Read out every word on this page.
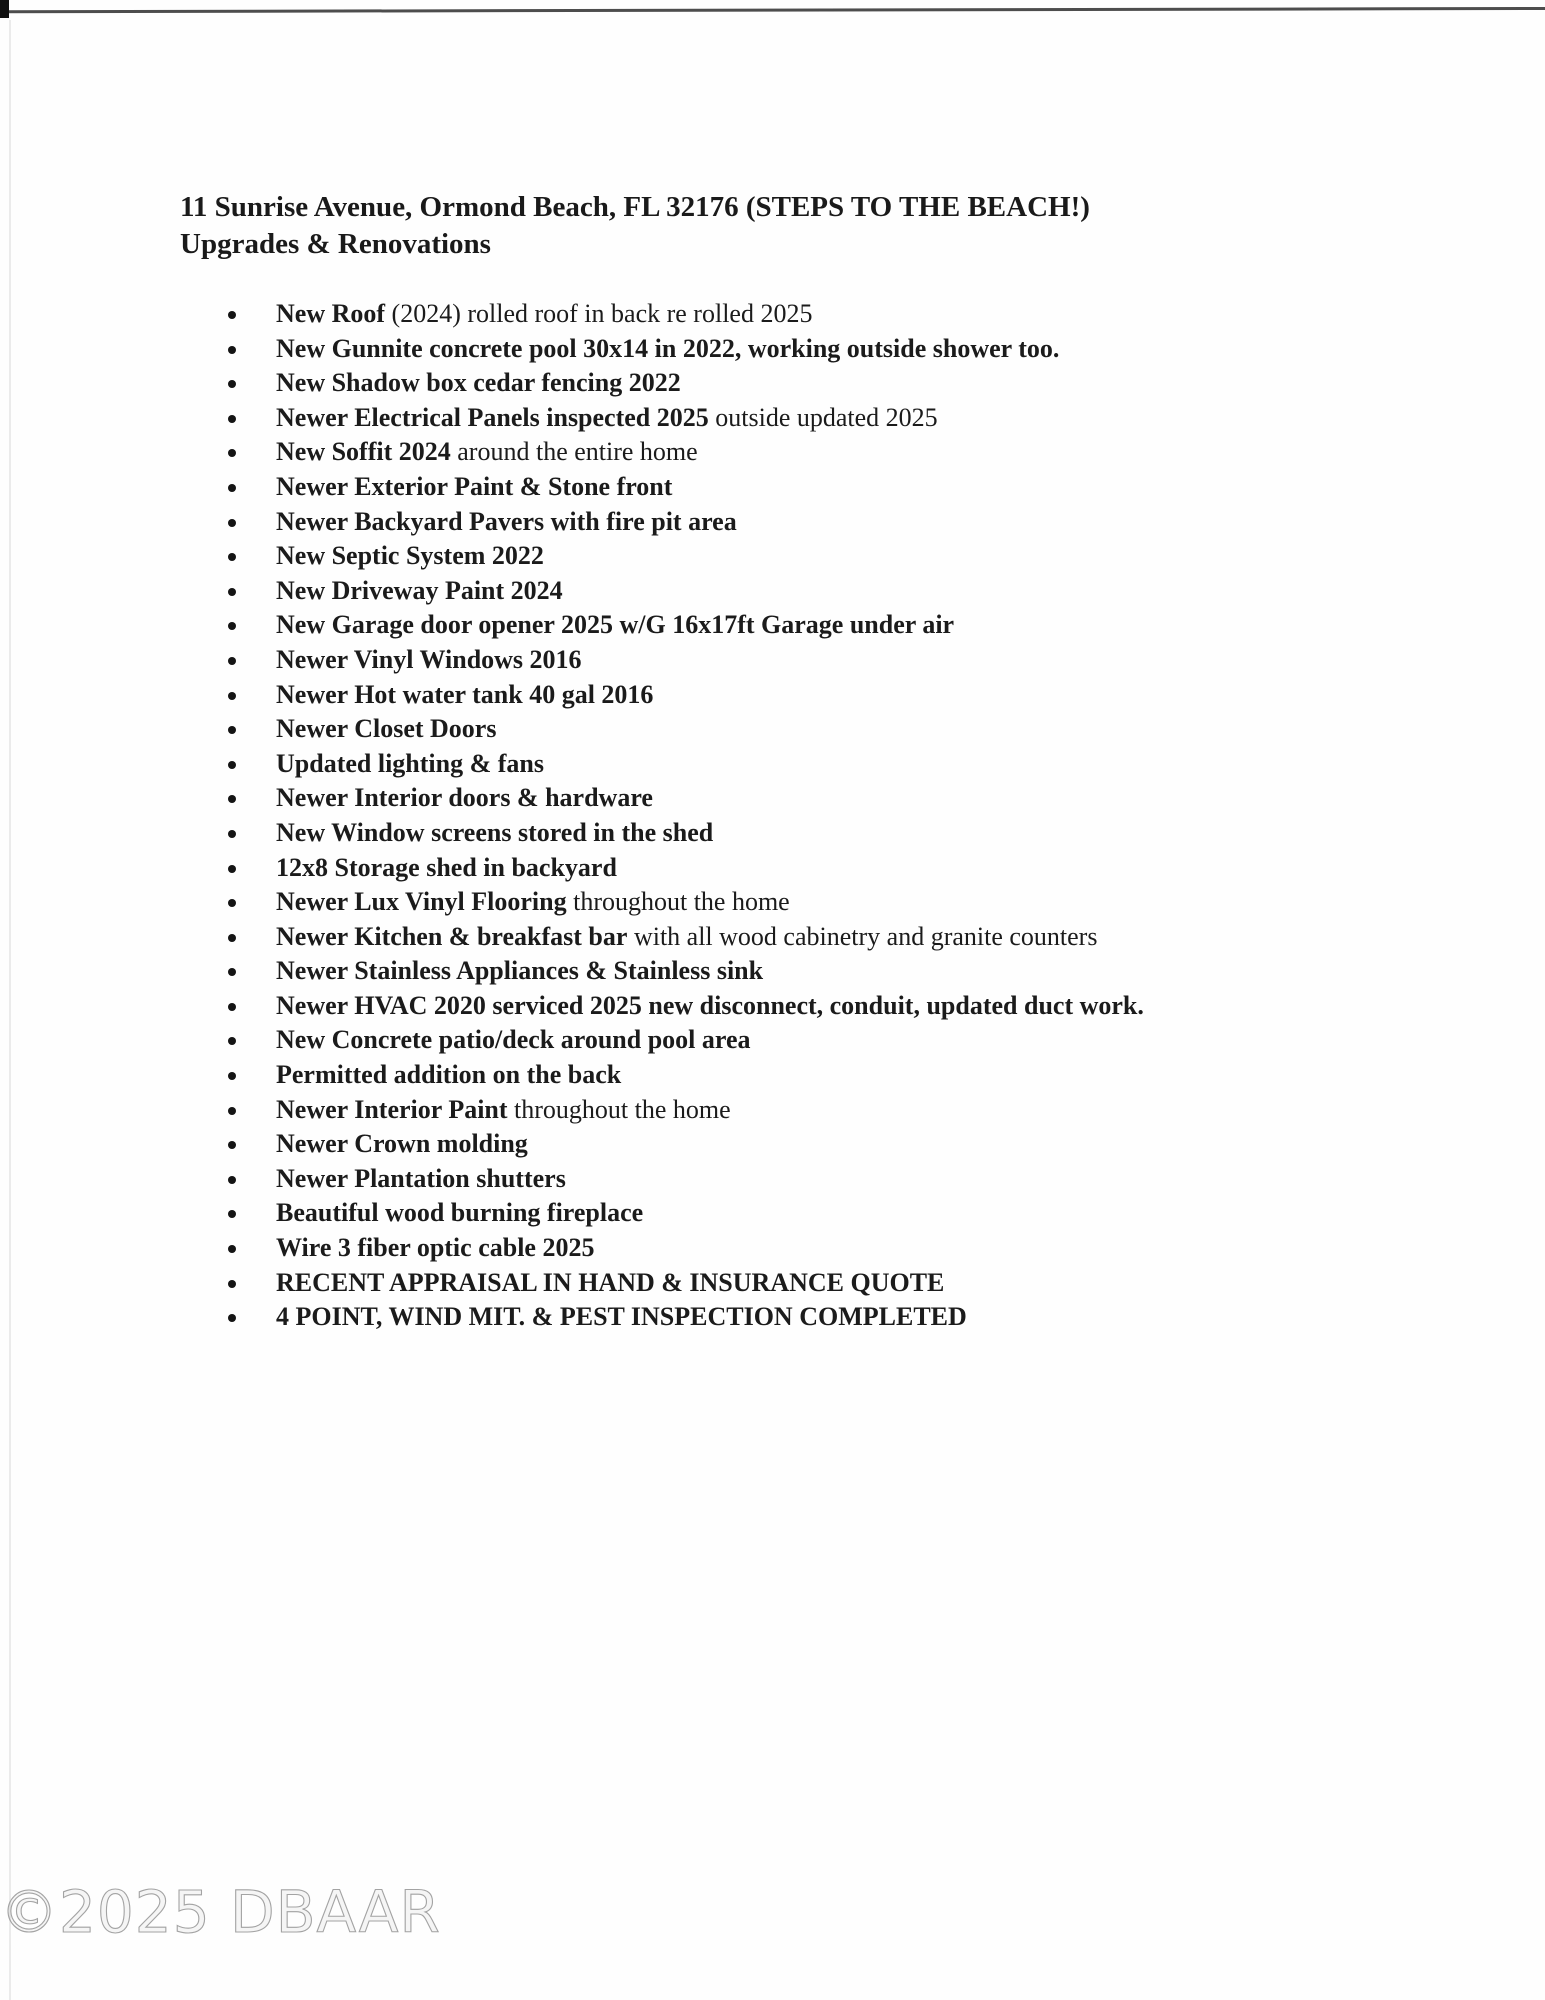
11 Sunrise Avenue, Ormond Beach, FL 32176 (STEPS TO THE BEACH!)
Upgrades & Renovations
New Roof (2024) rolled roof in back re rolled 2025
New Gunnite concrete pool 30x14 in 2022, working outside shower too.
New Shadow box cedar fencing 2022
Newer Electrical Panels inspected 2025 outside updated 2025
New Soffit 2024 around the entire home
Newer Exterior Paint & Stone front
Newer Backyard Pavers with fire pit area
New Septic System 2022
New Driveway Paint 2024
New Garage door opener 2025 w/G 16x17ft Garage under air
Newer Vinyl Windows 2016
Newer Hot water tank 40 gal 2016
Newer Closet Doors
Updated lighting & fans
Newer Interior doors & hardware
New Window screens stored in the shed
12x8 Storage shed in backyard
Newer Lux Vinyl Flooring throughout the home
Newer Kitchen & breakfast bar with all wood cabinetry and granite counters
Newer Stainless Appliances & Stainless sink
Newer HVAC 2020 serviced 2025 new disconnect, conduit, updated duct work.
New Concrete patio/deck around pool area
Permitted addition on the back
Newer Interior Paint throughout the home
Newer Crown molding
Newer Plantation shutters
Beautiful wood burning fireplace
Wire 3 fiber optic cable 2025
RECENT APPRAISAL IN HAND & INSURANCE QUOTE
4 POINT, WIND MIT. & PEST INSPECTION COMPLETED
©2025 DBAAR
